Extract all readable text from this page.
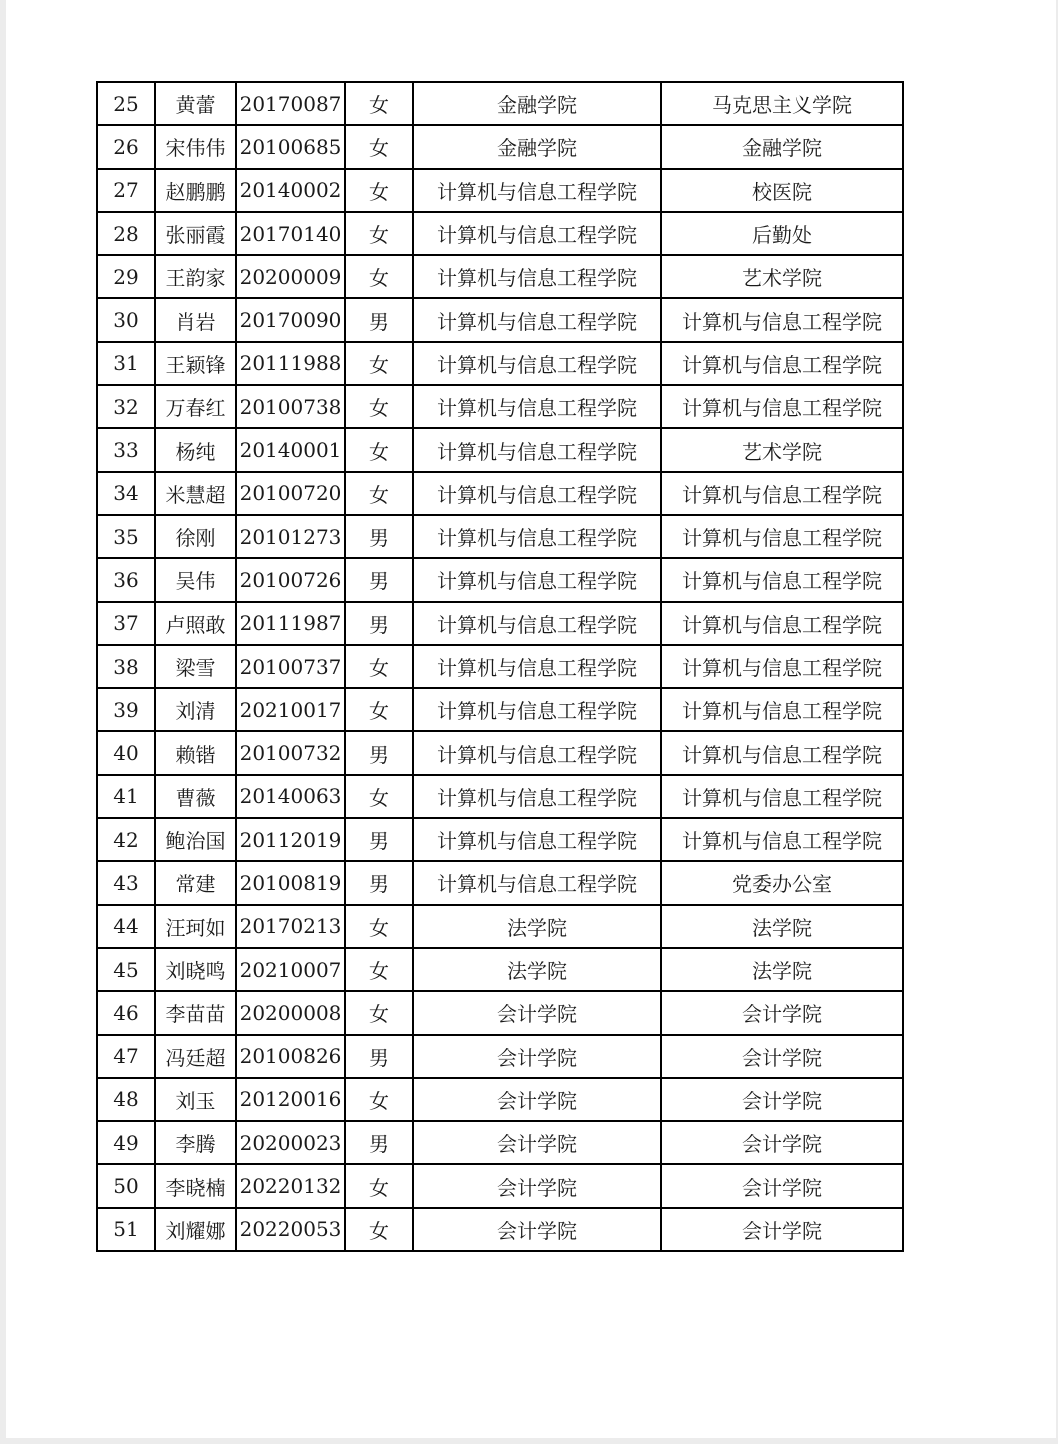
25	黄蕾	20170087	女	金融学院	马克思主义学院
26	宋伟伟	20100685	女	金融学院	金融学院
27	赵鹏鹏	20140002	女	计算机与信息工程学院	校医院
28	张丽霞	20170140	女	计算机与信息工程学院	后勤处
29	王韵家	20200009	女	计算机与信息工程学院	艺术学院
30	肖岩	20170090	男	计算机与信息工程学院	计算机与信息工程学院
31	王颖锋	20111988	女	计算机与信息工程学院	计算机与信息工程学院
32	万春红	20100738	女	计算机与信息工程学院	计算机与信息工程学院
33	杨纯	20140001	女	计算机与信息工程学院	艺术学院
34	米慧超	20100720	女	计算机与信息工程学院	计算机与信息工程学院
35	徐刚	20101273	男	计算机与信息工程学院	计算机与信息工程学院
36	吴伟	20100726	男	计算机与信息工程学院	计算机与信息工程学院
37	卢照敢	20111987	男	计算机与信息工程学院	计算机与信息工程学院
38	梁雪	20100737	女	计算机与信息工程学院	计算机与信息工程学院
39	刘清	20210017	女	计算机与信息工程学院	计算机与信息工程学院
40	赖锴	20100732	男	计算机与信息工程学院	计算机与信息工程学院
41	曹薇	20140063	女	计算机与信息工程学院	计算机与信息工程学院
42	鲍治国	20112019	男	计算机与信息工程学院	计算机与信息工程学院
43	常建	20100819	男	计算机与信息工程学院	党委办公室
44	汪珂如	20170213	女	法学院	法学院
45	刘晓鸣	20210007	女	法学院	法学院
46	李苗苗	20200008	女	会计学院	会计学院
47	冯廷超	20100826	男	会计学院	会计学院
48	刘玉	20120016	女	会计学院	会计学院
49	李腾	20200023	男	会计学院	会计学院
50	李晓楠	20220132	女	会计学院	会计学院
51	刘耀娜	20220053	女	会计学院	会计学院
